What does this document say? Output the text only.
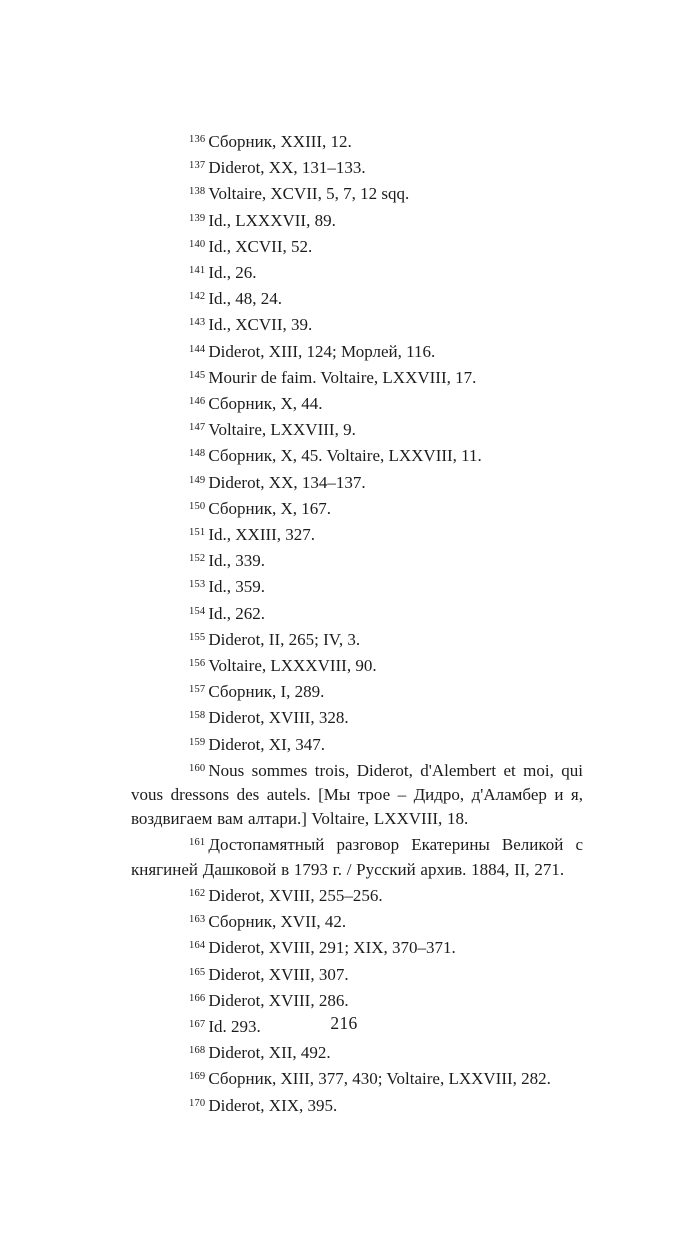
$^{136}$ Сборник, XXIII, 12.
$^{137}$ Diderot, XX, 131–133.
$^{138}$ Voltaire, XCVII, 5, 7, 12 sqq.
$^{139}$ Id., LXXXVII, 89.
$^{140}$ Id., XCVII, 52.
$^{141}$ Id., 26.
$^{142}$ Id., 48, 24.
$^{143}$ Id., XCVII, 39.
$^{144}$ Diderot, XIII, 124; Морлей, 116.
$^{145}$ Mourir de faim. Voltaire, LXXVIII, 17.
$^{146}$ Сборник, X, 44.
$^{147}$ Voltaire, LXXVIII, 9.
$^{148}$ Сборник, X, 45. Voltaire, LXXVIII, 11.
$^{149}$ Diderot, XX, 134–137.
$^{150}$ Сборник, X, 167.
$^{151}$ Id., XXIII, 327.
$^{152}$ Id., 339.
$^{153}$ Id., 359.
$^{154}$ Id., 262.
$^{155}$ Diderot, II, 265; IV, 3.
$^{156}$ Voltaire, LXXXVIII, 90.
$^{157}$ Сборник, I, 289.
$^{158}$ Diderot, XVIII, 328.
$^{159}$ Diderot, XI, 347.
$^{160}$ Nous sommes trois, Diderot, d'Alembert et moi, qui vous dressons des autels. [Мы трое – Дидро, д'Аламбер и я, воздвигаем вам алтари.] Voltaire, LXXVIII, 18.
$^{161}$ Достопамятный разговор Екатерины Великой с княгиней Дашковой в 1793 г. / Русский архив. 1884, II, 271.
$^{162}$ Diderot, XVIII, 255–256.
$^{163}$ Сборник, XVII, 42.
$^{164}$ Diderot, XVIII, 291; XIX, 370–371.
$^{165}$ Diderot, XVIII, 307.
$^{166}$ Diderot, XVIII, 286.
$^{167}$ Id. 293.
$^{168}$ Diderot, XII, 492.
$^{169}$ Сборник, XIII, 377, 430; Voltaire, LXXVIII, 282.
$^{170}$ Diderot, XIX, 395.
216
